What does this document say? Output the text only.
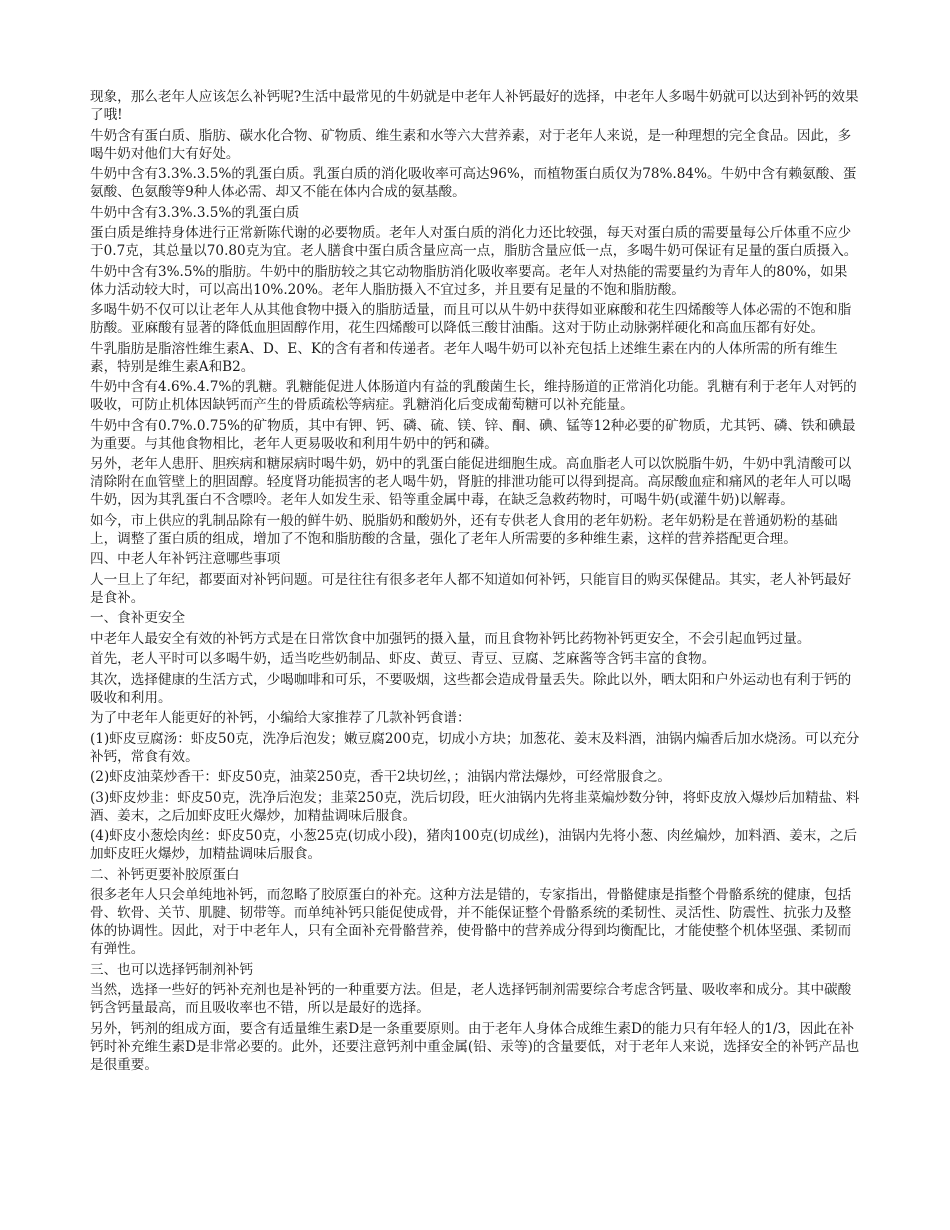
现象，那么老年人应该怎么补钙呢?生活中最常见的牛奶就是中老年人补钙最好的选择，中老年人多喝牛奶就可以达到补钙的效果了哦!

牛奶含有蛋白质、脂肪、碳水化合物、矿物质、维生素和水等六大营养素，对于老年人来说，是一种理想的完全食品。因此，多喝牛奶对他们大有好处。

牛奶中含有3.3%.3.5%的乳蛋白质。乳蛋白质的消化吸收率可高达96%，而植物蛋白质仅为78%.84%。牛奶中含有赖氨酸、蛋氨酸、色氨酸等9种人体必需、却又不能在体内合成的氨基酸。

牛奶中含有3.3%.3.5%的乳蛋白质

蛋白质是维持身体进行正常新陈代谢的必要物质。老年人对蛋白质的消化力还比较强，每天对蛋白质的需要量每公斤体重不应少于0.7克，其总量以70.80克为宜。老人膳食中蛋白质含量应高一点，脂肪含量应低一点，多喝牛奶可保证有足量的蛋白质摄入。

牛奶中含有3%.5%的脂肪。牛奶中的脂肪较之其它动物脂肪消化吸收率要高。老年人对热能的需要量约为青年人的80%，如果体力活动较大时，可以高出10%.20%。老年人脂肪摄入不宜过多，并且要有足量的不饱和脂肪酸。

多喝牛奶不仅可以让老年人从其他食物中摄入的脂肪适量，而且可以从牛奶中获得如亚麻酸和花生四烯酸等人体必需的不饱和脂肪酸。亚麻酸有显著的降低血胆固醇作用，花生四烯酸可以降低三酸甘油酯。这对于防止动脉粥样硬化和高血压都有好处。

牛乳脂肪是脂溶性维生素A、D、E、K的含有者和传递者。老年人喝牛奶可以补充包括上述维生素在内的人体所需的所有维生素，特别是维生素A和B2。

牛奶中含有4.6%.4.7%的乳糖。乳糖能促进人体肠道内有益的乳酸菌生长，维持肠道的正常消化功能。乳糖有利于老年人对钙的吸收，可防止机体因缺钙而产生的骨质疏松等病症。乳糖消化后变成葡萄糖可以补充能量。

牛奶中含有0.7%.0.75%的矿物质，其中有钾、钙、磷、硫、镁、锌、酮、碘、锰等12种必要的矿物质，尤其钙、磷、铁和碘最为重要。与其他食物相比，老年人更易吸收和利用牛奶中的钙和磷。

另外，老年人患肝、胆疾病和糖尿病时喝牛奶，奶中的乳蛋白能促进细胞生成。高血脂老人可以饮脱脂牛奶，牛奶中乳清酸可以清除附在血管壁上的胆固醇。轻度肾功能损害的老人喝牛奶，肾脏的排泄功能可以得到提高。高尿酸血症和痛风的老年人可以喝牛奶，因为其乳蛋白不含嘌呤。老年人如发生汞、铅等重金属中毒，在缺乏急救药物时，可喝牛奶(或灌牛奶)以解毒。

如今，市上供应的乳制品除有一般的鲜牛奶、脱脂奶和酸奶外，还有专供老人食用的老年奶粉。老年奶粉是在普通奶粉的基础上，调整了蛋白质的组成，增加了不饱和脂肪酸的含量，强化了老年人所需要的多种维生素，这样的营养搭配更合理。

四、中老人年补钙注意哪些事项

人一旦上了年纪，都要面对补钙问题。可是往往有很多老年人都不知道如何补钙，只能盲目的购买保健品。其实，老人补钙最好是食补。

一、食补更安全

中老年人最安全有效的补钙方式是在日常饮食中加强钙的摄入量，而且食物补钙比药物补钙更安全，不会引起血钙过量。

首先，老人平时可以多喝牛奶，适当吃些奶制品、虾皮、黄豆、青豆、豆腐、芝麻酱等含钙丰富的食物。

其次，选择健康的生活方式，少喝咖啡和可乐，不要吸烟，这些都会造成骨量丢失。除此以外，晒太阳和户外运动也有利于钙的吸收和利用。

为了中老年人能更好的补钙，小编给大家推荐了几款补钙食谱：

(1)虾皮豆腐汤：虾皮50克，洗净后泡发；嫩豆腐200克，切成小方块；加葱花、姜末及料酒，油锅内煸香后加水烧汤。可以充分补钙，常食有效。

(2)虾皮油菜炒香干：虾皮50克，油菜250克，香干2块切丝，；油锅内常法爆炒，可经常服食之。

(3)虾皮炒韭：虾皮50克，洗净后泡发；韭菜250克，洗后切段，旺火油锅内先将韭菜煸炒数分钟，将虾皮放入爆炒后加精盐、料酒、姜末，之后加虾皮旺火爆炒，加精盐调味后服食。

(4)虾皮小葱烩肉丝：虾皮50克，小葱25克(切成小段)，猪肉100克(切成丝)，油锅内先将小葱、肉丝煸炒，加料酒、姜末，之后加虾皮旺火爆炒，加精盐调味后服食。

二、补钙更要补胶原蛋白

很多老年人只会单纯地补钙，而忽略了胶原蛋白的补充。这种方法是错的，专家指出，骨骼健康是指整个骨骼系统的健康，包括骨、软骨、关节、肌腱、韧带等。而单纯补钙只能促使成骨，并不能保证整个骨骼系统的柔韧性、灵活性、防震性、抗张力及整体的协调性。因此，对于中老年人，只有全面补充骨骼营养，使骨骼中的营养成分得到均衡配比，才能使整个机体坚强、柔韧而有弹性。

三、也可以选择钙制剂补钙

当然，选择一些好的钙补充剂也是补钙的一种重要方法。但是，老人选择钙制剂需要综合考虑含钙量、吸收率和成分。其中碳酸钙含钙量最高，而且吸收率也不错，所以是最好的选择。

另外，钙剂的组成方面，要含有适量维生素D是一条重要原则。由于老年人身体合成维生素D的能力只有年轻人的1/3，因此在补钙时补充维生素D是非常必要的。此外，还要注意钙剂中重金属(铅、汞等)的含量要低，对于老年人来说，选择安全的补钙产品也是很重要。
